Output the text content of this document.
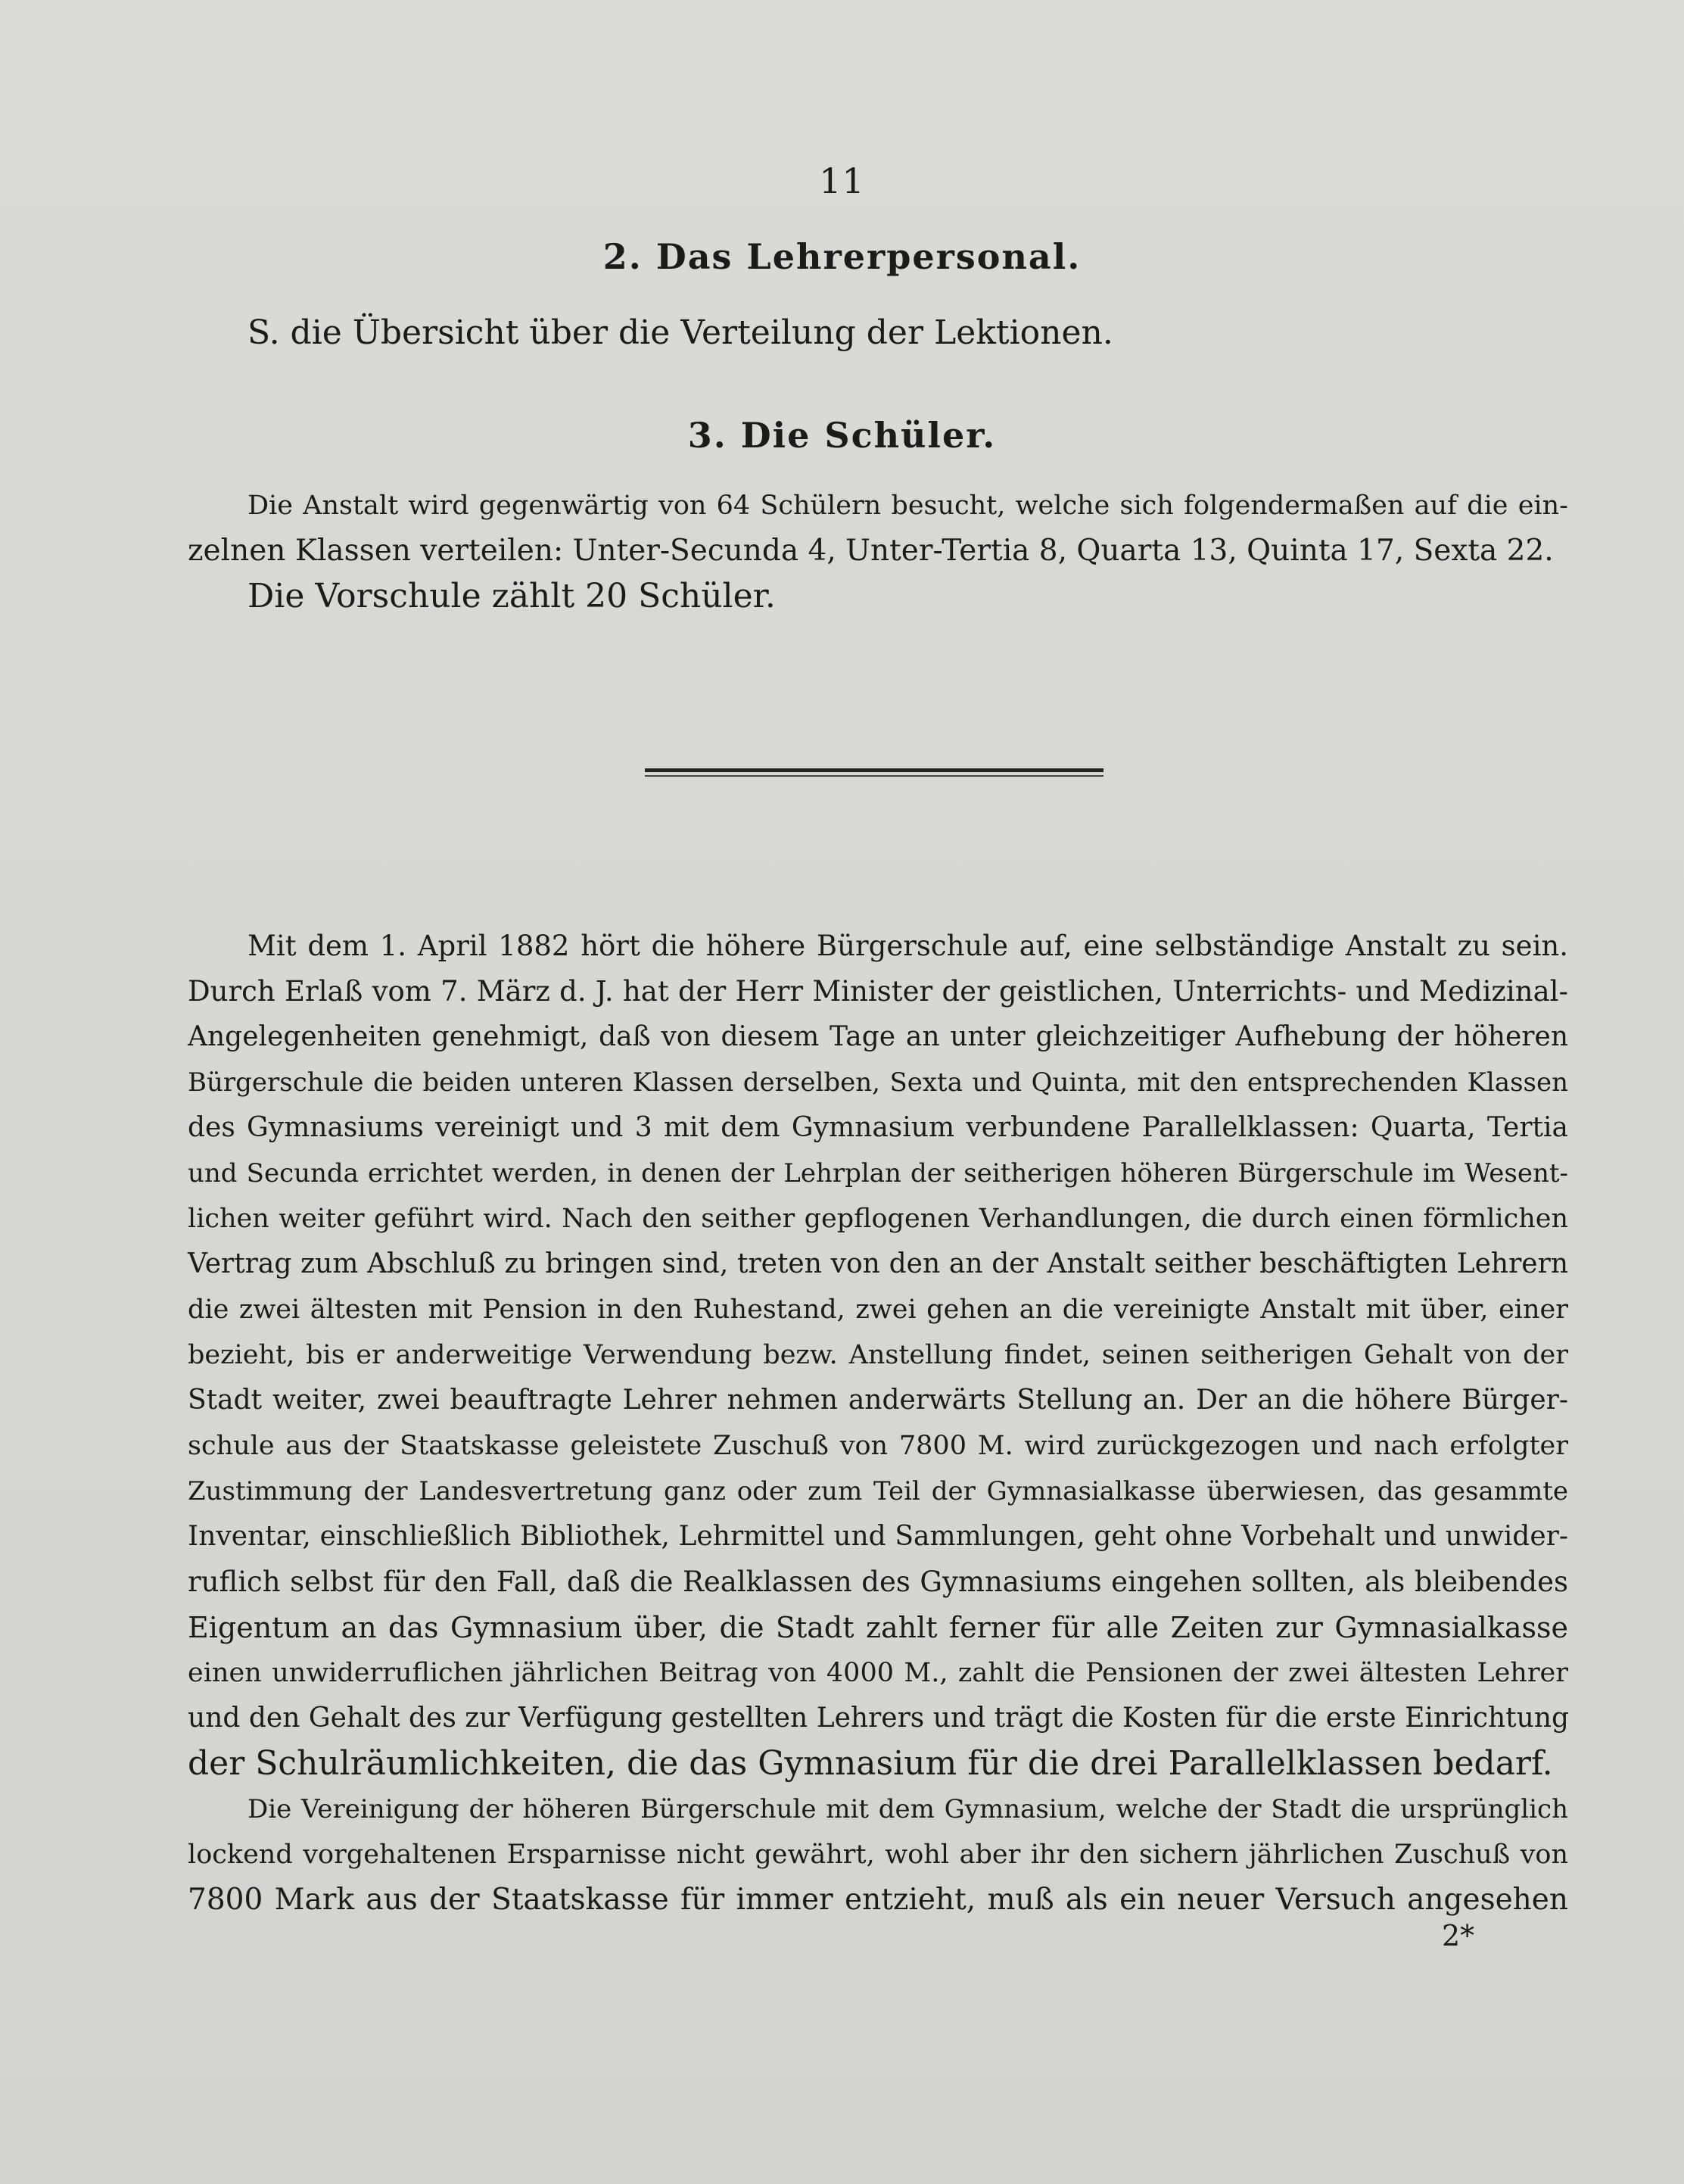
11
2. Das Lehrerpersonal.
S. die Übersicht über die Verteilung der Lektionen.
3. Die Schüler.
Die Anstalt wird gegenwärtig von 64 Schülern besucht, welche sich folgendermaßen auf die ein-
zelnen Klassen verteilen: Unter-Secunda 4, Unter-Tertia 8, Quarta 13, Quinta 17, Sexta 22.
Die Vorschule zählt 20 Schüler.
Mit dem 1. April 1882 hört die höhere Bürgerschule auf, eine selbständige Anstalt zu sein.
Durch Erlaß vom 7. März d. J. hat der Herr Minister der geistlichen, Unterrichts- und Medizinal-
Angelegenheiten genehmigt, daß von diesem Tage an unter gleichzeitiger Aufhebung der höheren
Bürgerschule die beiden unteren Klassen derselben, Sexta und Quinta, mit den entsprechenden Klassen
des Gymnasiums vereinigt und 3 mit dem Gymnasium verbundene Parallelklassen: Quarta, Tertia
und Secunda errichtet werden, in denen der Lehrplan der seitherigen höheren Bürgerschule im Wesent-
lichen weiter geführt wird. Nach den seither gepflogenen Verhandlungen, die durch einen förmlichen
Vertrag zum Abschluß zu bringen sind, treten von den an der Anstalt seither beschäftigten Lehrern
die zwei ältesten mit Pension in den Ruhestand, zwei gehen an die vereinigte Anstalt mit über, einer
bezieht, bis er anderweitige Verwendung bezw. Anstellung findet, seinen seitherigen Gehalt von der
Stadt weiter, zwei beauftragte Lehrer nehmen anderwärts Stellung an. Der an die höhere Bürger-
schule aus der Staatskasse geleistete Zuschuß von 7800 M. wird zurückgezogen und nach erfolgter
Zustimmung der Landesvertretung ganz oder zum Teil der Gymnasialkasse überwiesen, das gesammte
Inventar, einschließlich Bibliothek, Lehrmittel und Sammlungen, geht ohne Vorbehalt und unwider-
ruflich selbst für den Fall, daß die Realklassen des Gymnasiums eingehen sollten, als bleibendes
Eigentum an das Gymnasium über, die Stadt zahlt ferner für alle Zeiten zur Gymnasialkasse
einen unwiderruflichen jährlichen Beitrag von 4000 M., zahlt die Pensionen der zwei ältesten Lehrer
und den Gehalt des zur Verfügung gestellten Lehrers und trägt die Kosten für die erste Einrichtung
der Schulräumlichkeiten, die das Gymnasium für die drei Parallelklassen bedarf.
Die Vereinigung der höheren Bürgerschule mit dem Gymnasium, welche der Stadt die ursprünglich
lockend vorgehaltenen Ersparnisse nicht gewährt, wohl aber ihr den sichern jährlichen Zuschuß von
7800 Mark aus der Staatskasse für immer entzieht, muß als ein neuer Versuch angesehen
2*
